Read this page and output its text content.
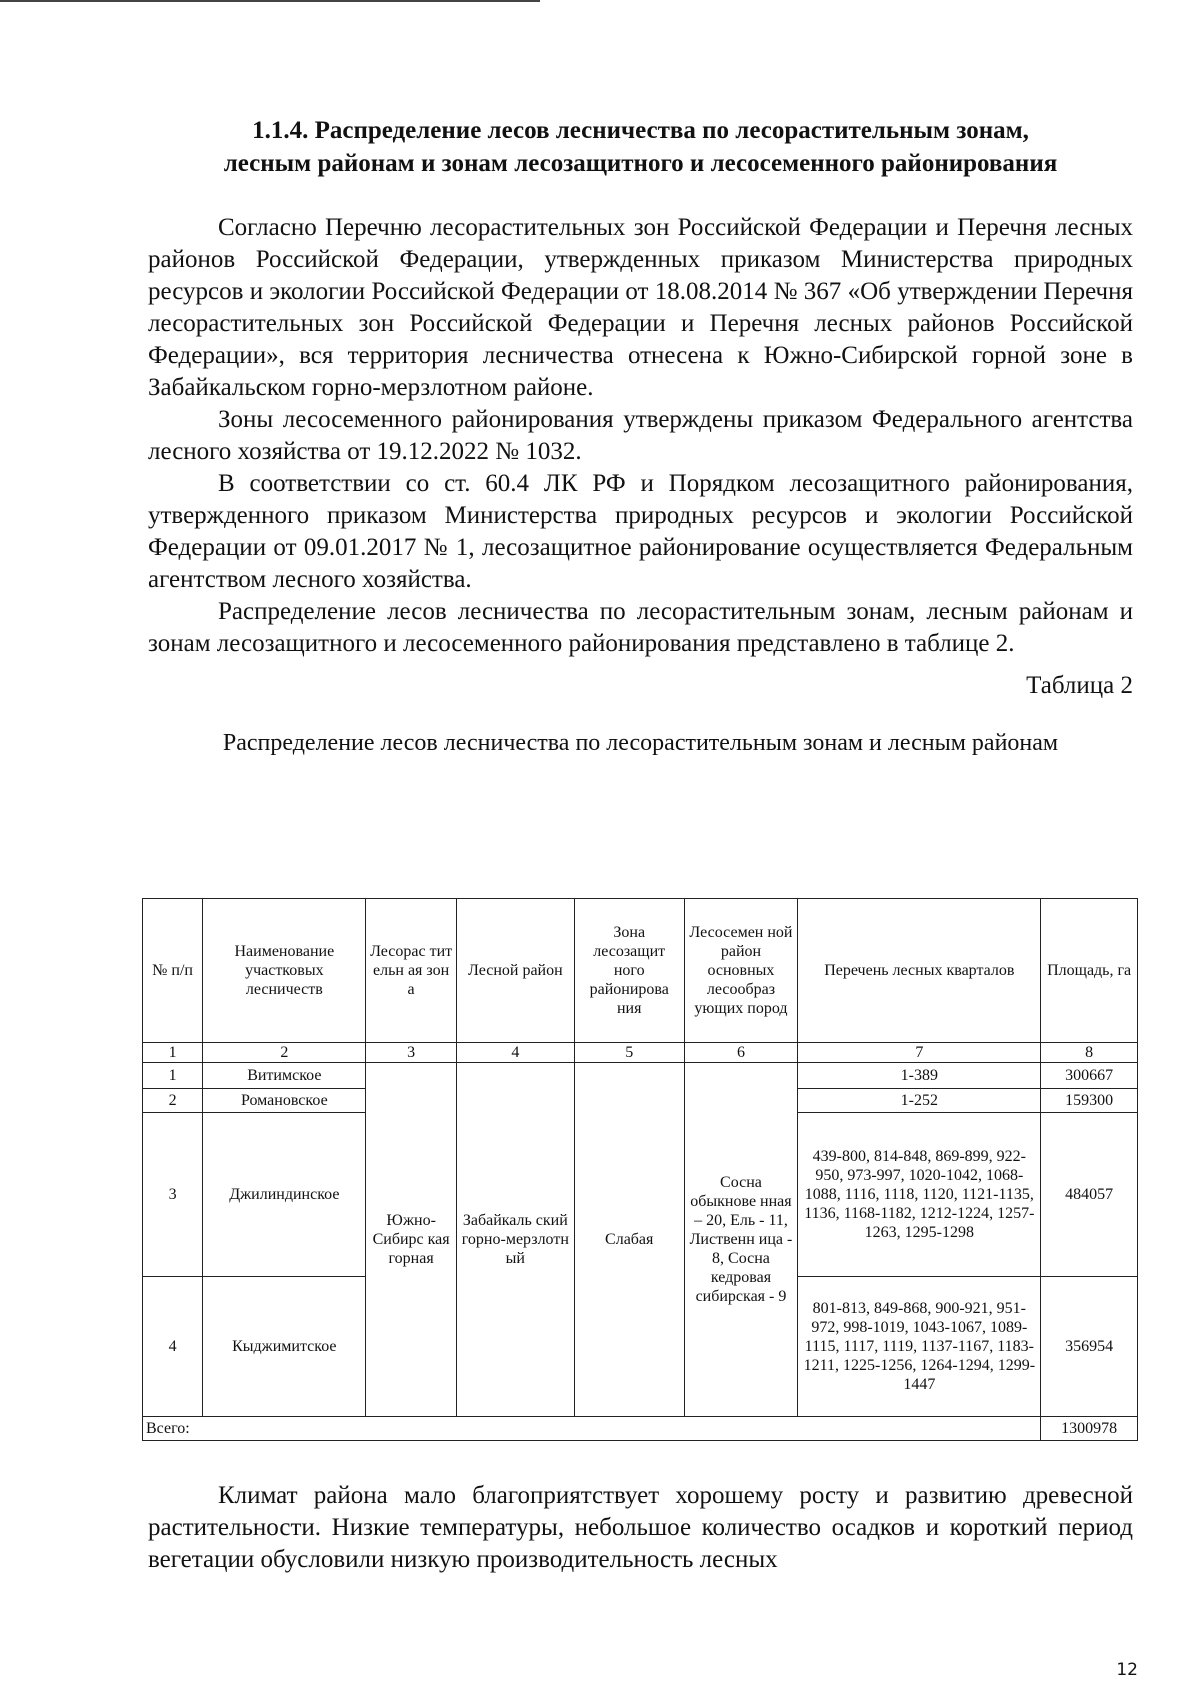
1.1.4. Распределение лесов лесничества по лесорастительным зонам,
лесным районам и зонам лесозащитного и лесосеменного районирования

Согласно Перечню лесорастительных зон Российской Федерации и Перечня лесных районов Российской Федерации, утвержденных приказом Министерства природных ресурсов и экологии Российской Федерации от 18.08.2014 № 367 «Об утверждении Перечня лесорастительных зон Российской Федерации и Перечня лесных районов Российской Федерации», вся территория лесничества отнесена к Южно-Сибирской горной зоне в Забайкальском горно-мерзлотном районе.

Зоны лесосеменного районирования утверждены приказом Федерального агентства лесного хозяйства от 19.12.2022 № 1032.

В соответствии со ст. 60.4 ЛК РФ и Порядком лесозащитного районирования, утвержденного приказом Министерства природных ресурсов и экологии Российской Федерации от 09.01.2017 № 1, лесозащитное районирование осуществляется Федеральным агентством лесного хозяйства.

Распределение лесов лесничества по лесорастительным зонам, лесным районам и зонам лесозащитного и лесосеменного районирования представлено в таблице 2.

Таблица 2
Распределение лесов лесничества по лесорастительным зонам и лесным районам
№ п/п	Наименование участковых лесничеств	Лесорас тительн ая зона	Лесной район	Зона лесозащит ного районирова ния	Лесосемен ной район основных лесообраз ующих пород	Перечень лесных кварталов	Площадь, га
1	2	3	4	5	6	7	8
1	Витимское	Южно-Сибирс кая горная	Забайкаль ский горно-мерзлотн ый	Слабая	Сосна обыкнове нная – 20, Ель - 11, Лиственн ица - 8, Сосна кедровая сибирская - 9	1-389	300667
2	Романовское					1-252	159300
3	Джилиндинское					439-800, 814-848, 869-899, 922-950, 973-997, 1020-1042, 1068-1088, 1116, 1118, 1120, 1121-1135, 1136, 1168-1182, 1212-1224, 1257-1263, 1295-1298	484057
4	Кыджимитское					801-813, 849-868, 900-921, 951-972, 998-1019, 1043-1067, 1089-1115, 1117, 1119, 1137-1167, 1183-1211, 1225-1256, 1264-1294, 1299-1447	356954
Всего:							1300978

Климат района мало благоприятствует хорошему росту и развитию древесной растительности. Низкие температуры, небольшое количество осадков и короткий период вегетации обусловили низкую производительность лесных

12
